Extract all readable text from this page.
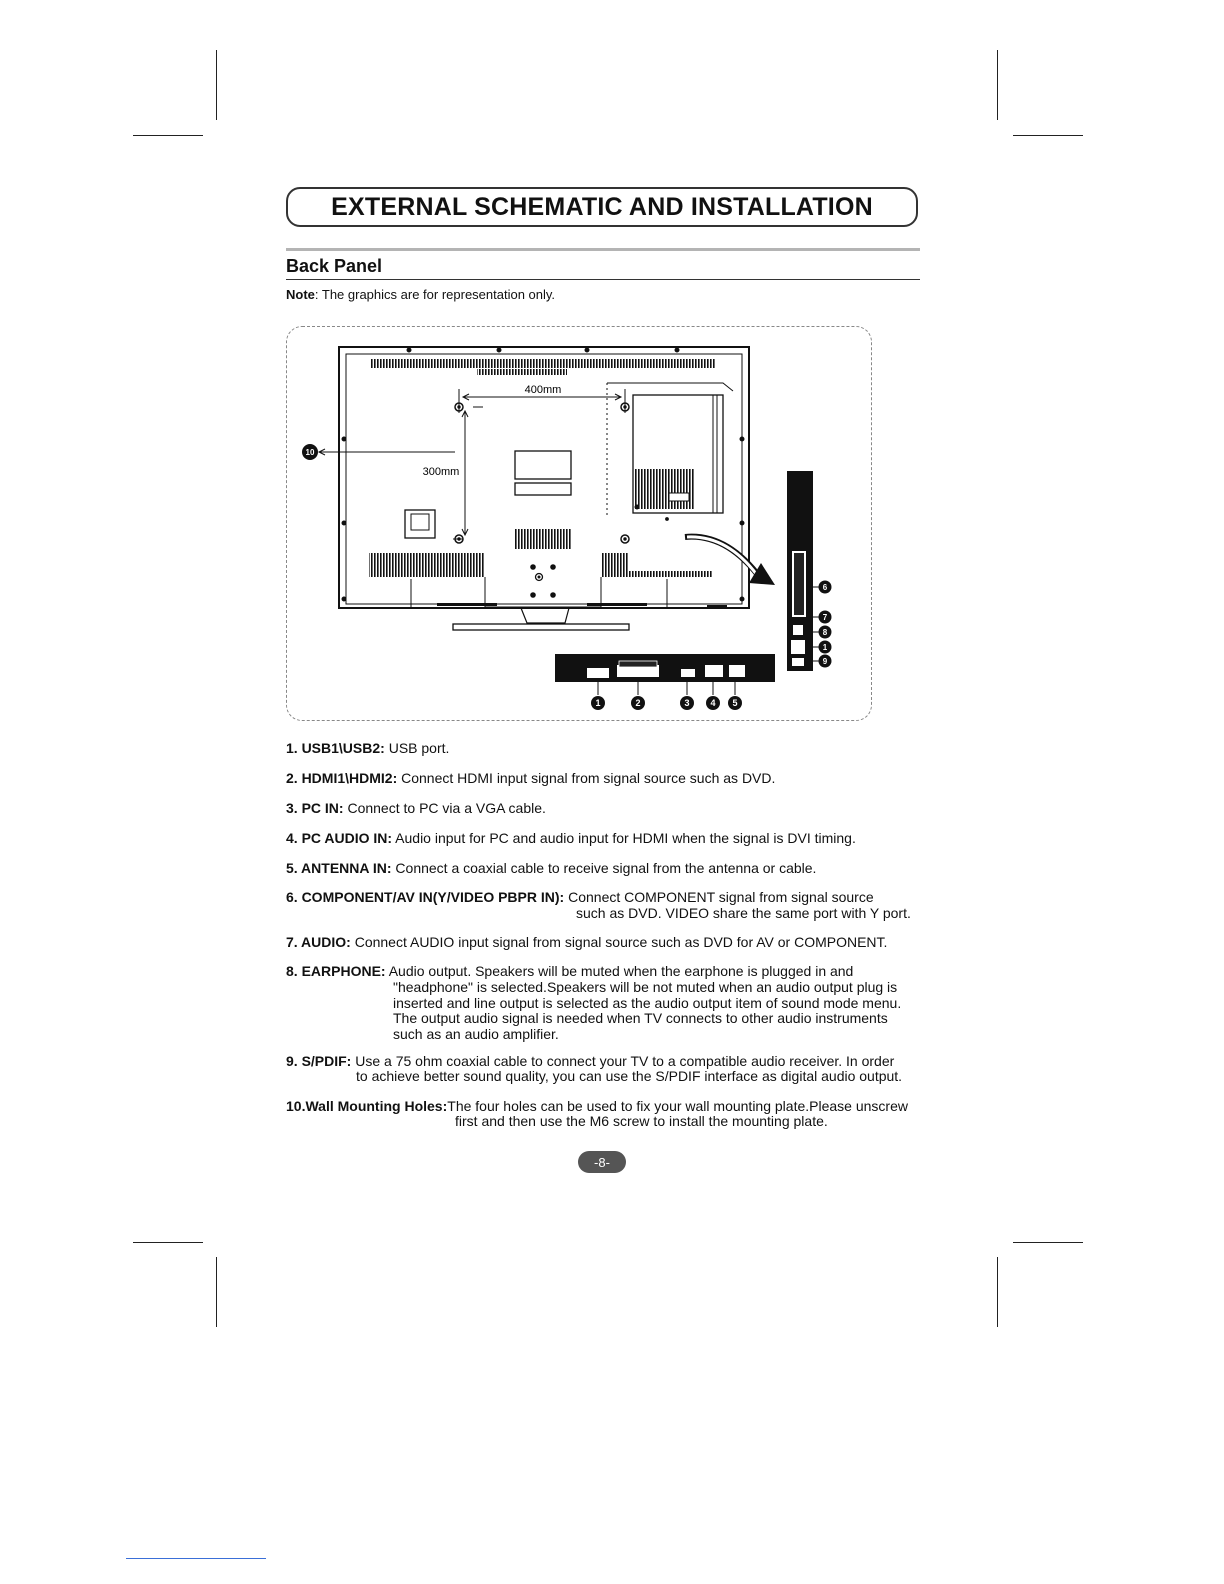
EXTERNAL SCHEMATIC AND INSTALLATION
Back Panel
Note: The graphics are for representation only.
400mm
300mm
10
1	2	3 4 5
6
7
8
1
9
1. USB1\USB2: USB port.
2. HDMI1\HDMI2: Connect HDMI input signal from signal source such as DVD.
3. PC IN: Connect to PC via a VGA cable.
4. PC AUDIO IN: Audio input for PC and audio input for HDMI when the signal is DVI timing.
5. ANTENNA IN: Connect a coaxial cable to receive signal from the antenna or cable.
6. COMPONENT/AV IN(Y/VIDEO PBPR IN): Connect COMPONENT signal from signal source
such as DVD. VIDEO share the same port with Y port.
7. AUDIO: Connect AUDIO input signal from signal source such as DVD for AV or COMPONENT.
8. EARPHONE: Audio output. Speakers will be muted when the earphone is plugged in and
"headphone" is selected.Speakers will be not muted when an audio output plug is
inserted and line output is selected as the audio output item of sound mode menu.
The output audio signal is needed when TV connects to other audio instruments
such as an audio amplifier.
9. S/PDIF: Use a 75 ohm coaxial cable to connect your TV to a compatible audio receiver. In order
to achieve better sound quality, you can use the S/PDIF interface as digital audio output.
10.Wall Mounting Holes:The four holes can be used to fix your wall mounting plate.Please unscrew
first and then use the M6 screw to install the mounting plate.
-8-
